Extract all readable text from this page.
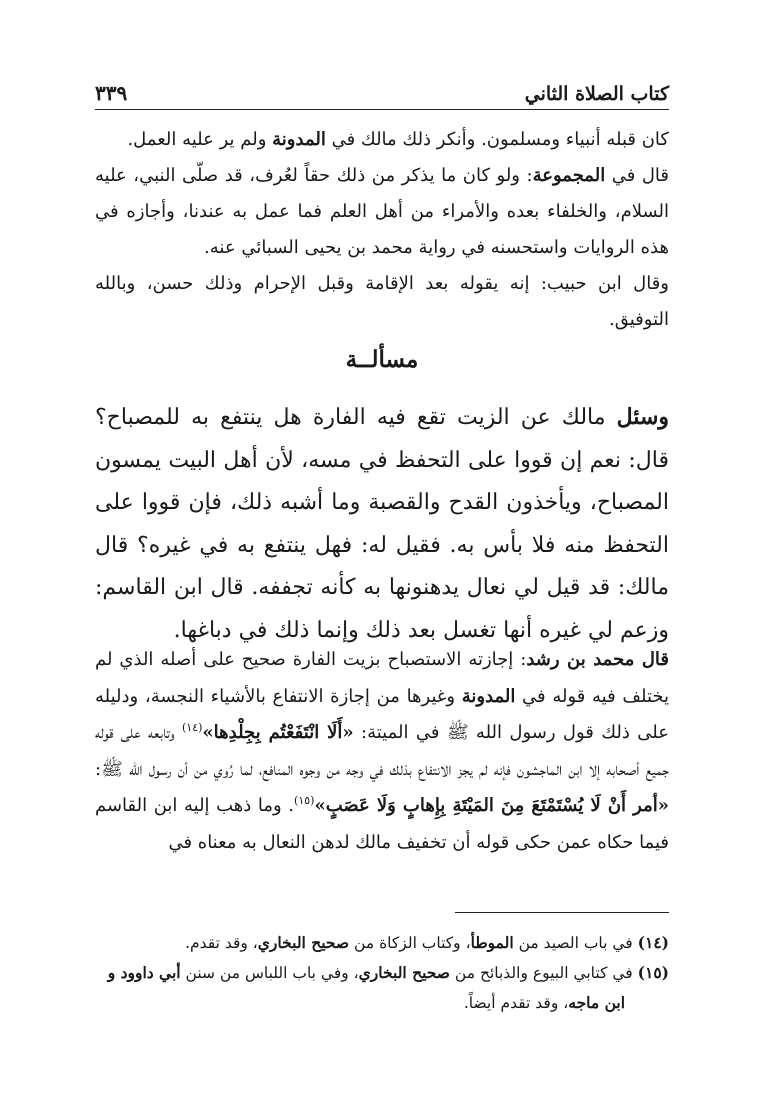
كتاب الصلاة الثاني
٣٣٩

كان قبله أنبياء ومسلمون. وأنكر ذلك مالك في المدونة ولم ير عليه العمل.
قال في المجموعة: ولو كان ما يذكر من ذلك حقاً لعُرف، قد صلّى النبي، عليه السلام، والخلفاء بعده والأمراء من أهل العلم فما عمل به عندنا، وأجازه في هذه الروايات واستحسنه في رواية محمد بن يحيى السبائي عنه.
وقال ابن حبيب: إنه يقوله بعد الإقامة وقبل الإحرام وذلك حسن، وبالله التوفيق.

مسألــة

وسئل مالك عن الزيت تقع فيه الفارة هل ينتفع به للمصباح؟ قال: نعم إن قووا على التحفظ في مسه، لأن أهل البيت يمسون المصباح، ويأخذون القدح والقصبة وما أشبه ذلك، فإن قووا على التحفظ منه فلا بأس به. فقيل له: فهل ينتفع به في غيره؟ قال مالك: قد قيل لي نعال يدهنونها به كأنه تجففه. قال ابن القاسم: وزعم لي غيره أنها تغسل بعد ذلك وإنما ذلك في دباغها.

قال محمد بن رشد: إجازته الاستصباح بزيت الفارة صحيح على أصله الذي لم يختلف فيه قوله في المدونة وغيرها من إجازة الانتفاع بالأشياء النجسة، ودليله على ذلك قول رسول الله ﷺ في الميتة: «أَلَا انْتَفَعْتُم بِجِلْدِها»$^{(١٤)}$ وتابعه على قوله جميع أصحابه إلا ابن الماجشون فإنه لم يجز الانتفاع بذلك في وجه من وجوه المنافع، لما رُوي من أن رسول الله ﷺ: «أمر أَنْ لَا يُسْتَمْتَعَ مِنَ المَيْتَةِ بِإِهابٍ وَلَا عَصَبٍ»$^{(١٥)}$. وما ذهب إليه ابن القاسم فيما حكاه عمن حكى قوله أن تخفيف مالك لدهن النعال به معناه في

(١٤) في باب الصيد من الموطأ، وكتاب الزكاة من صحيح البخاري، وقد تقدم.
(١٥) في كتابي البيوع والذبائح من صحيح البخاري، وفي باب اللباس من سنن أبي داوود و ابن ماجه، وقد تقدم أيضاً.
